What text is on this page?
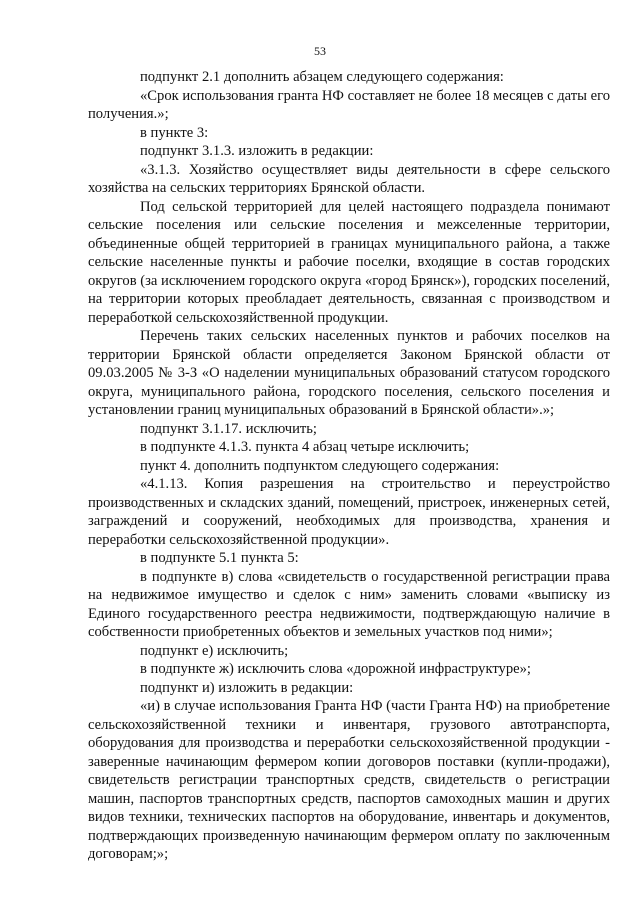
53

подпункт 2.1 дополнить абзацем следующего содержания:

«Срок использования гранта НФ составляет не более 18 месяцев с даты его получения.»;

в пункте 3:

подпункт 3.1.3. изложить в редакции:

«3.1.3. Хозяйство осуществляет виды деятельности в сфере сельского хозяйства на сельских территориях Брянской области.

Под сельской территорией для целей настоящего подраздела понимают сельские поселения или сельские поселения и межселенные территории, объединенные общей территорией в границах муниципального района, а также сельские населенные пункты и рабочие поселки, входящие в состав городских округов (за исключением городского округа «город Брянск»), городских поселений, на территории которых преобладает деятельность, связанная с производством и переработкой сельскохозяйственной продукции.

Перечень таких сельских населенных пунктов и рабочих поселков на территории Брянской области определяется Законом Брянской области от 09.03.2005 № 3-З «О наделении муниципальных образований статусом городского округа, муниципального района, городского поселения, сельского поселения и установлении границ муниципальных образований в Брянской области».»;

подпункт 3.1.17. исключить;

в подпункте 4.1.3. пункта 4 абзац четыре исключить;

пункт 4. дополнить подпунктом следующего содержания:

«4.1.13. Копия разрешения на строительство и переустройство производственных и складских зданий, помещений, пристроек, инженерных сетей, заграждений и сооружений, необходимых для производства, хранения и переработки сельскохозяйственной продукции».

в подпункте 5.1 пункта 5:

в подпункте в) слова «свидетельств о государственной регистрации права на недвижимое имущество и сделок с ним» заменить словами «выписку из Единого государственного реестра недвижимости, подтверждающую наличие в собственности приобретенных объектов и земельных участков под ними»;

подпункт е) исключить;

в подпункте ж) исключить слова «дорожной инфраструктуре»;

подпункт и) изложить в редакции:

«и) в случае использования Гранта НФ (части Гранта НФ) на приобретение сельскохозяйственной техники и инвентаря, грузового автотранспорта, оборудования для производства и переработки сельскохозяйственной продукции - заверенные начинающим фермером копии договоров поставки (купли-продажи), свидетельств регистрации транспортных средств, свидетельств о регистрации машин, паспортов транспортных средств, паспортов самоходных машин и других видов техники, технических паспортов на оборудование, инвентарь и документов, подтверждающих произведенную начинающим фермером оплату по заключенным договорам;»;
